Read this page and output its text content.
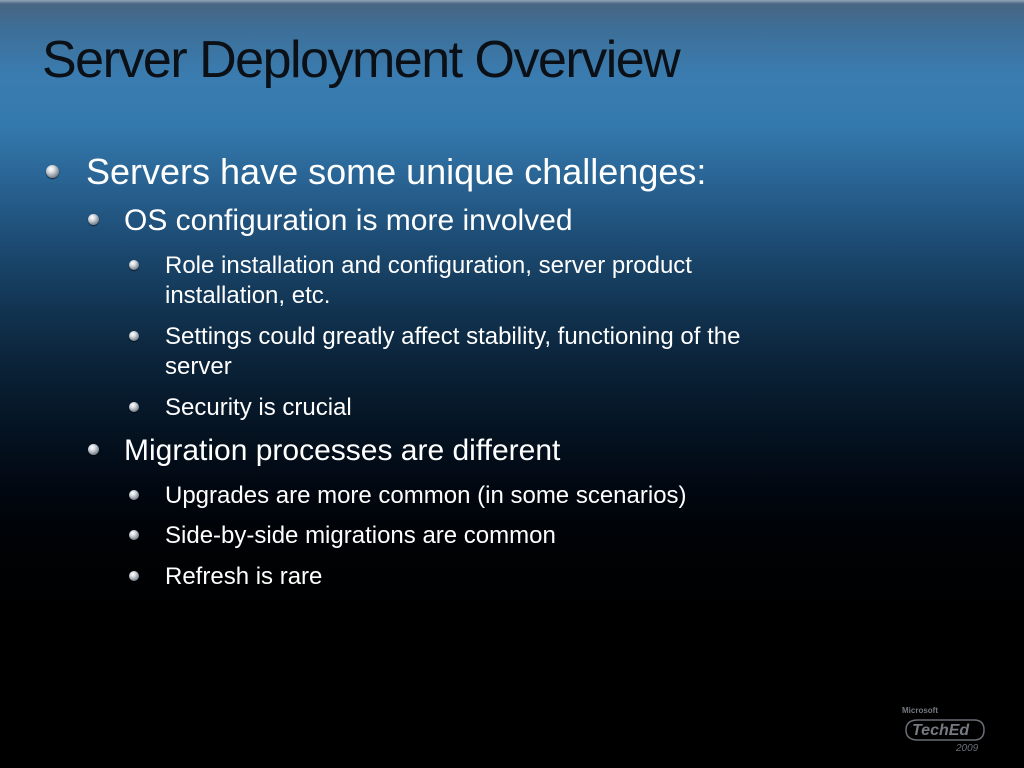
Server Deployment Overview
Servers have some unique challenges:
OS configuration is more involved
Role installation and configuration, server product installation, etc.
Settings could greatly affect stability, functioning of the server
Security is crucial
Migration processes are different
Upgrades are more common (in some scenarios)
Side-by-side migrations are common
Refresh is rare
Microsoft
TechEd
2009
